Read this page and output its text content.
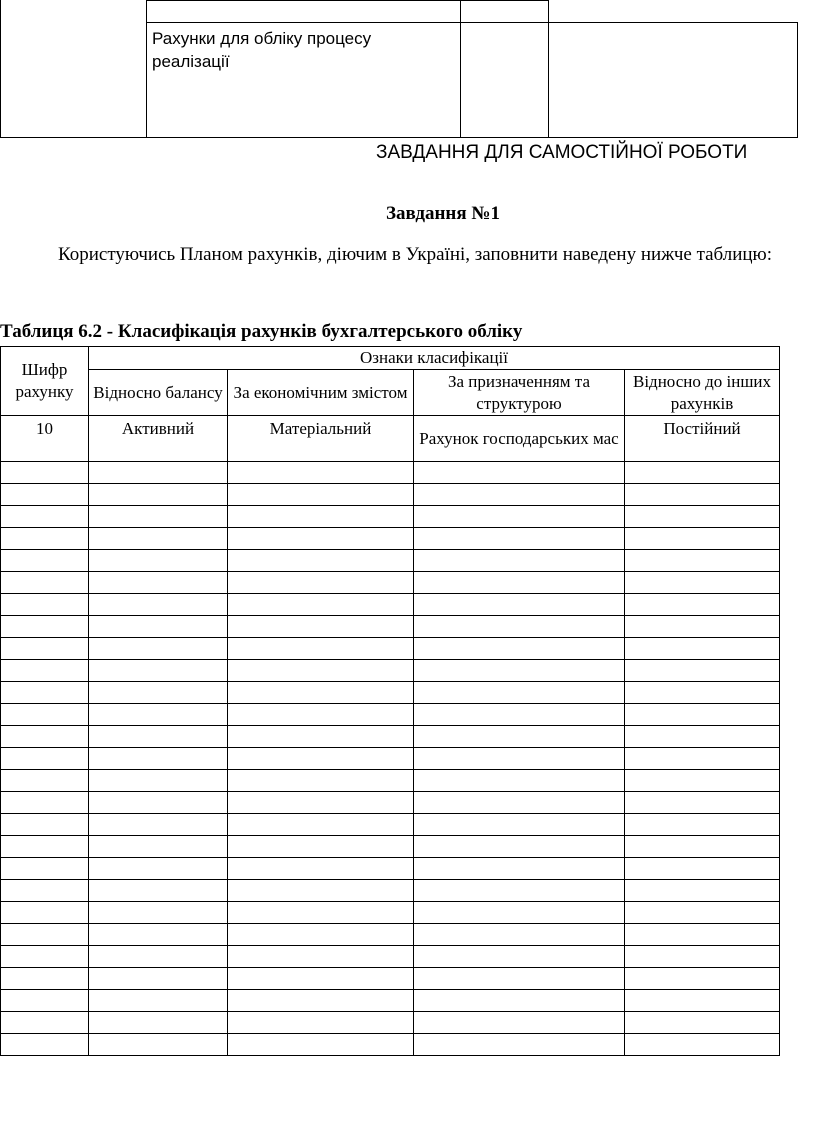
Рахунки для обліку процесу реалізації
ЗАВДАННЯ ДЛЯ САМОСТІЙНОЇ РОБОТИ
Завдання №1
Користуючись Планом рахунків, діючим в Україні, заповнити наведену нижче таблицю:
Таблиця 6.2 - Класифікація рахунків бухгалтерського обліку
Шифр рахунку	Ознаки класифікації			
	Відносно балансу	За економічним змістом	За призначенням та структурою	Відносно до інших рахунків
10	Активний	Матеріальний	Рахунок господарських мас	Постійний
